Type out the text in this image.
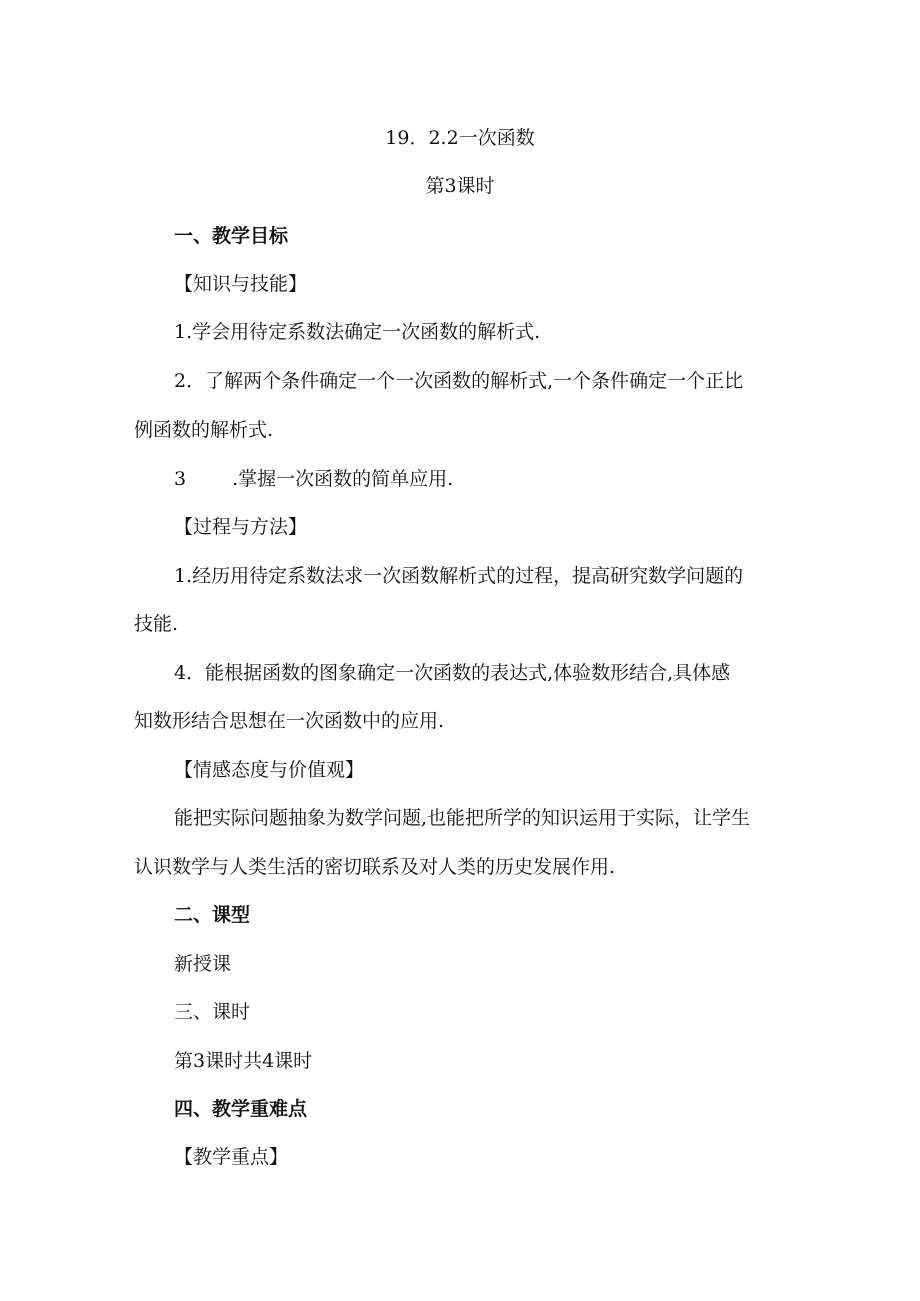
19．2.2一次函数
第3课时
一、教学目标
【知识与技能】
1.学会用待定系数法确定一次函数的解析式.
2．了解两个条件确定一个一次函数的解析式,一个条件确定一个正比
例函数的解析式.
3 .掌握一次函数的简单应用.
【过程与方法】
1.经历用待定系数法求一次函数解析式的过程，提高研究数学问题的
技能.
4．能根据函数的图象确定一次函数的表达式,体验数形结合,具体感
知数形结合思想在一次函数中的应用.
【情感态度与价值观】
能把实际问题抽象为数学问题,也能把所学的知识运用于实际，让学生
认识数学与人类生活的密切联系及对人类的历史发展作用.
二、课型
新授课
三、课时
第3课时共4课时
四、教学重难点
【教学重点】
